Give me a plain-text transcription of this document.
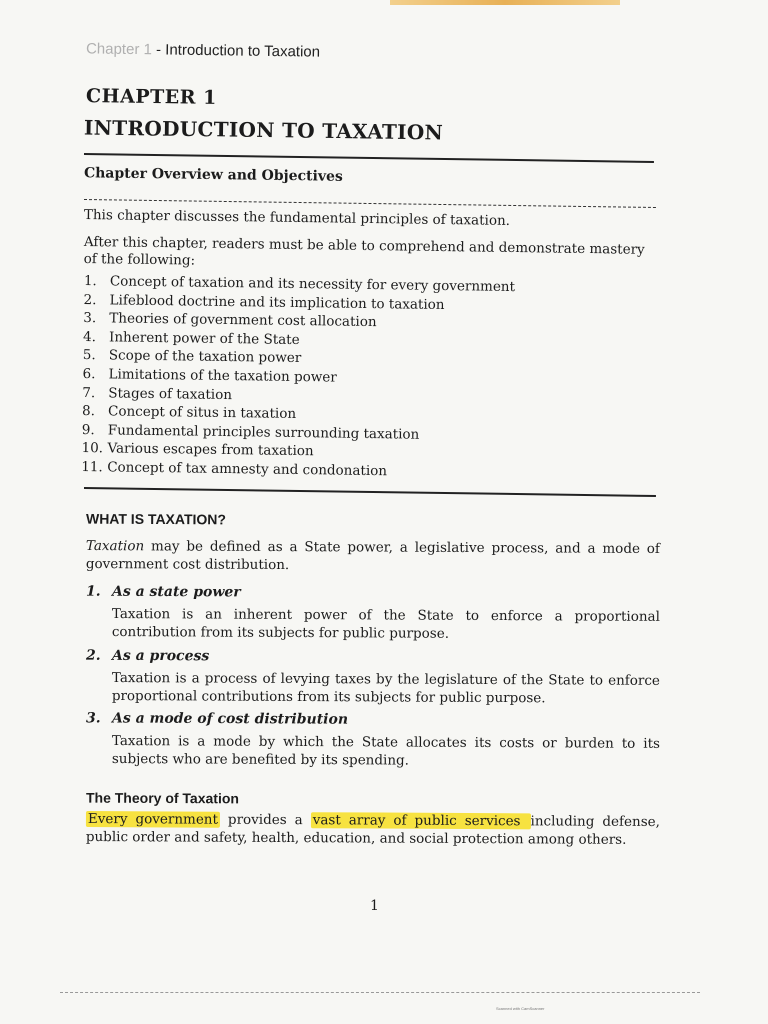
Chapter 1 - Introduction to Taxation
CHAPTER 1
INTRODUCTION TO TAXATION
Chapter Overview and Objectives
This chapter discusses the fundamental principles of taxation.
After this chapter, readers must be able to comprehend and demonstrate mastery of the following:
1. Concept of taxation and its necessity for every government
2. Lifeblood doctrine and its implication to taxation
3. Theories of government cost allocation
4. Inherent power of the State
5. Scope of the taxation power
6. Limitations of the taxation power
7. Stages of taxation
8. Concept of situs in taxation
9. Fundamental principles surrounding taxation
10. Various escapes from taxation
11. Concept of tax amnesty and condonation
WHAT IS TAXATION?
Taxation may be defined as a State power, a legislative process, and a mode of government cost distribution.
1. As a state power
Taxation is an inherent power of the State to enforce a proportional contribution from its subjects for public purpose.
2. As a process
Taxation is a process of levying taxes by the legislature of the State to enforce proportional contributions from its subjects for public purpose.
3. As a mode of cost distribution
Taxation is a mode by which the State allocates its costs or burden to its subjects who are benefited by its spending.
The Theory of Taxation
Every government provides a vast array of public services including defense, public order and safety, health, education, and social protection among others.
1
Scanned with CamScanner
